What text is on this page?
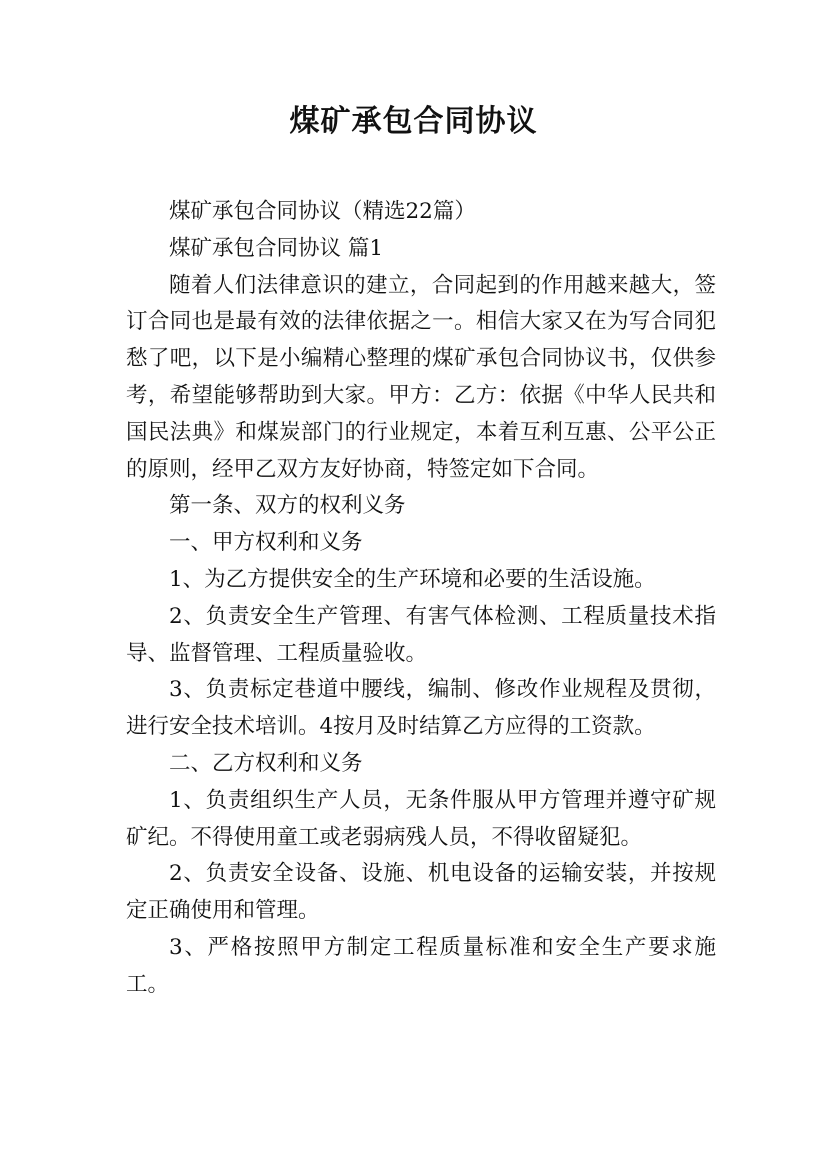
煤矿承包合同协议

煤矿承包合同协议（精选22篇）

煤矿承包合同协议 篇1

随着人们法律意识的建立，合同起到的作用越来越大，签订合同也是最有效的法律依据之一。相信大家又在为写合同犯愁了吧，以下是小编精心整理的煤矿承包合同协议书，仅供参考，希望能够帮助到大家。甲方：乙方：依据《中华人民共和国民法典》和煤炭部门的行业规定，本着互利互惠、公平公正的原则，经甲乙双方友好协商，特签定如下合同。

第一条、双方的权利义务

一、甲方权利和义务

1、为乙方提供安全的生产环境和必要的生活设施。

2、负责安全生产管理、有害气体检测、工程质量技术指导、监督管理、工程质量验收。

3、负责标定巷道中腰线，编制、修改作业规程及贯彻，进行安全技术培训。4按月及时结算乙方应得的工资款。

二、乙方权利和义务

1、负责组织生产人员，无条件服从甲方管理并遵守矿规矿纪。不得使用童工或老弱病残人员，不得收留疑犯。

2、负责安全设备、设施、机电设备的运输安装，并按规定正确使用和管理。

3、严格按照甲方制定工程质量标准和安全生产要求施工。
